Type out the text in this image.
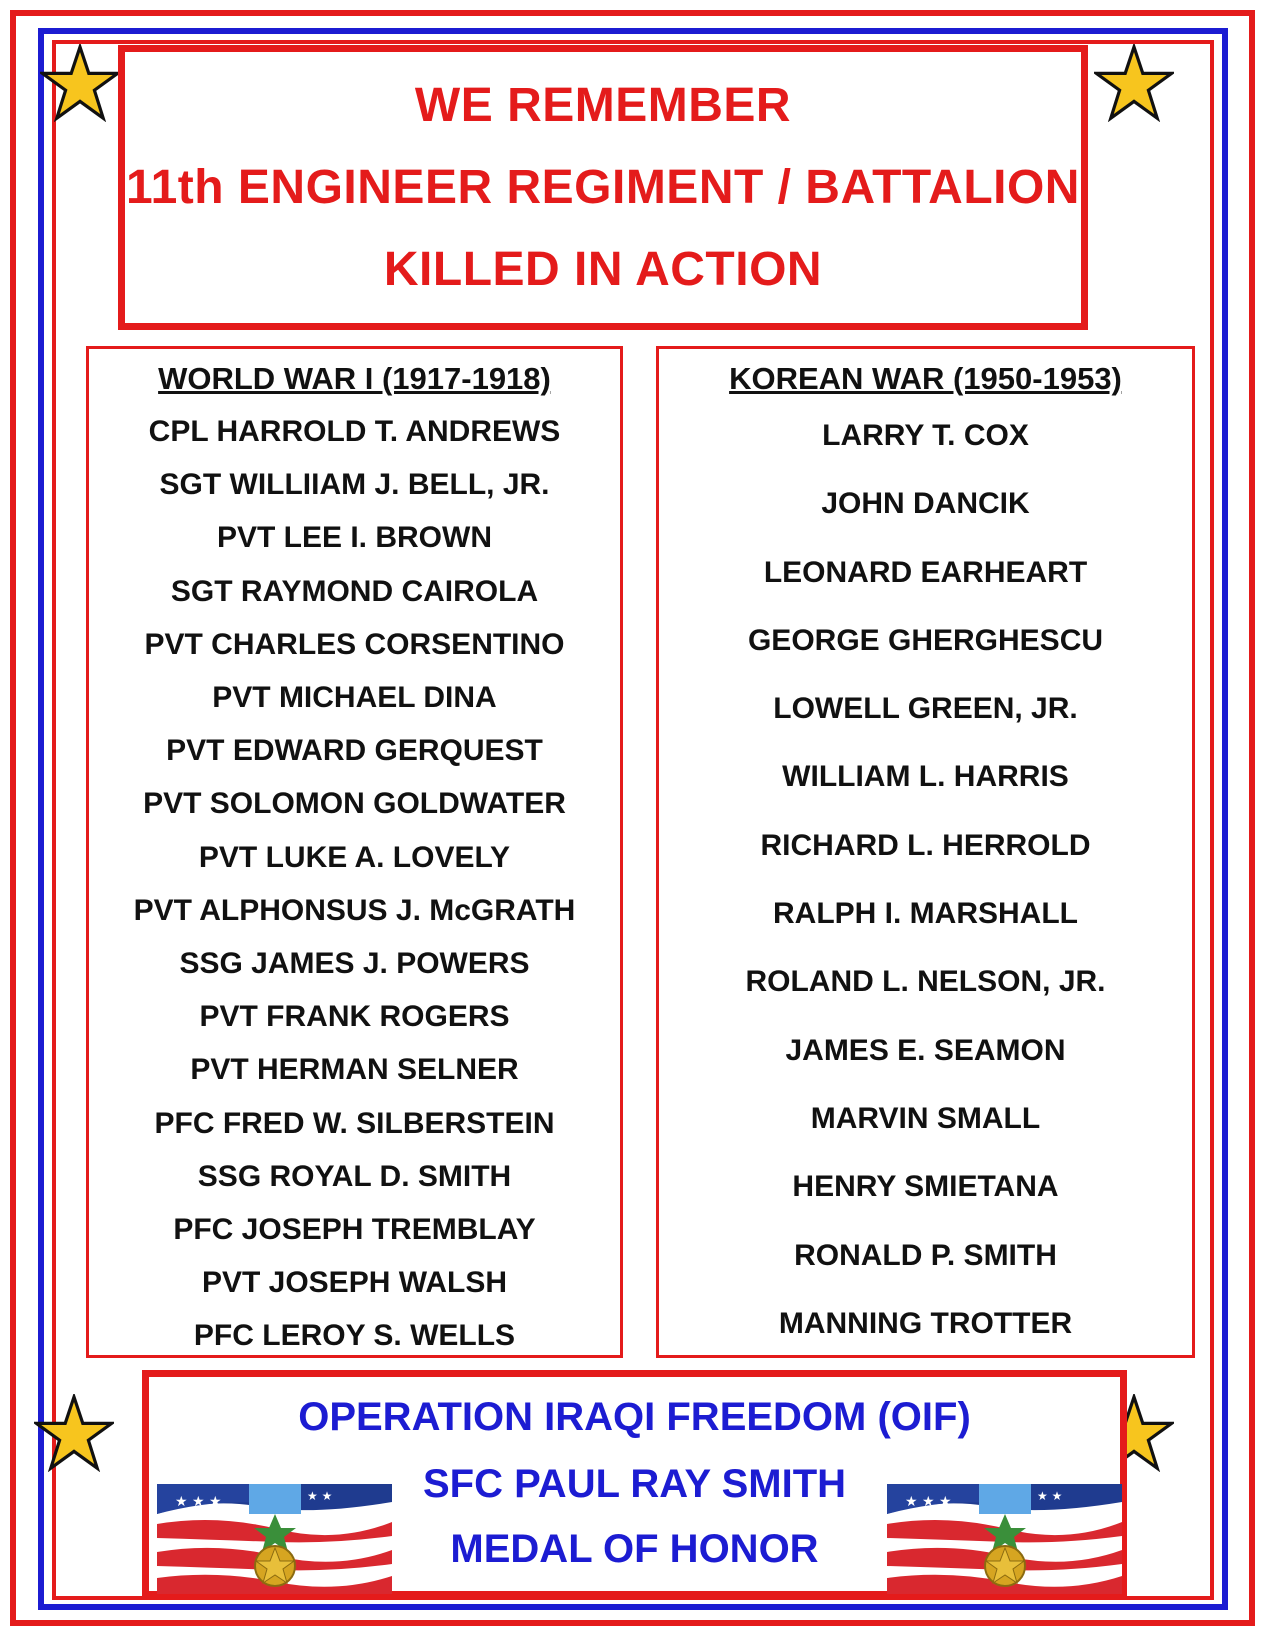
WE REMEMBER
11th ENGINEER REGIMENT / BATTALION
KILLED IN ACTION
WORLD WAR I (1917-1918)
CPL HARROLD T. ANDREWS
SGT WILLIIAM J. BELL, JR.
PVT LEE I. BROWN
SGT RAYMOND CAIROLA
PVT CHARLES CORSENTINO
PVT MICHAEL DINA
PVT EDWARD GERQUEST
PVT SOLOMON GOLDWATER
PVT LUKE A. LOVELY
PVT ALPHONSUS J. McGRATH
SSG JAMES J. POWERS
PVT FRANK ROGERS
PVT HERMAN SELNER
PFC FRED W. SILBERSTEIN
SSG ROYAL D. SMITH
PFC JOSEPH TREMBLAY
PVT JOSEPH WALSH
PFC LEROY S. WELLS
KOREAN WAR (1950-1953)
LARRY T. COX
JOHN DANCIK
LEONARD EARHEART
GEORGE GHERGHESCU
LOWELL GREEN, JR.
WILLIAM L. HARRIS
RICHARD L. HERROLD
RALPH I. MARSHALL
ROLAND L. NELSON, JR.
JAMES E. SEAMON
MARVIN SMALL
HENRY SMIETANA
RONALD P. SMITH
MANNING TROTTER
OPERATION IRAQI FREEDOM (OIF)
SFC PAUL RAY SMITH
MEDAL OF HONOR
★ ★ ★	★ ★	★ ★ ★	★ ★
